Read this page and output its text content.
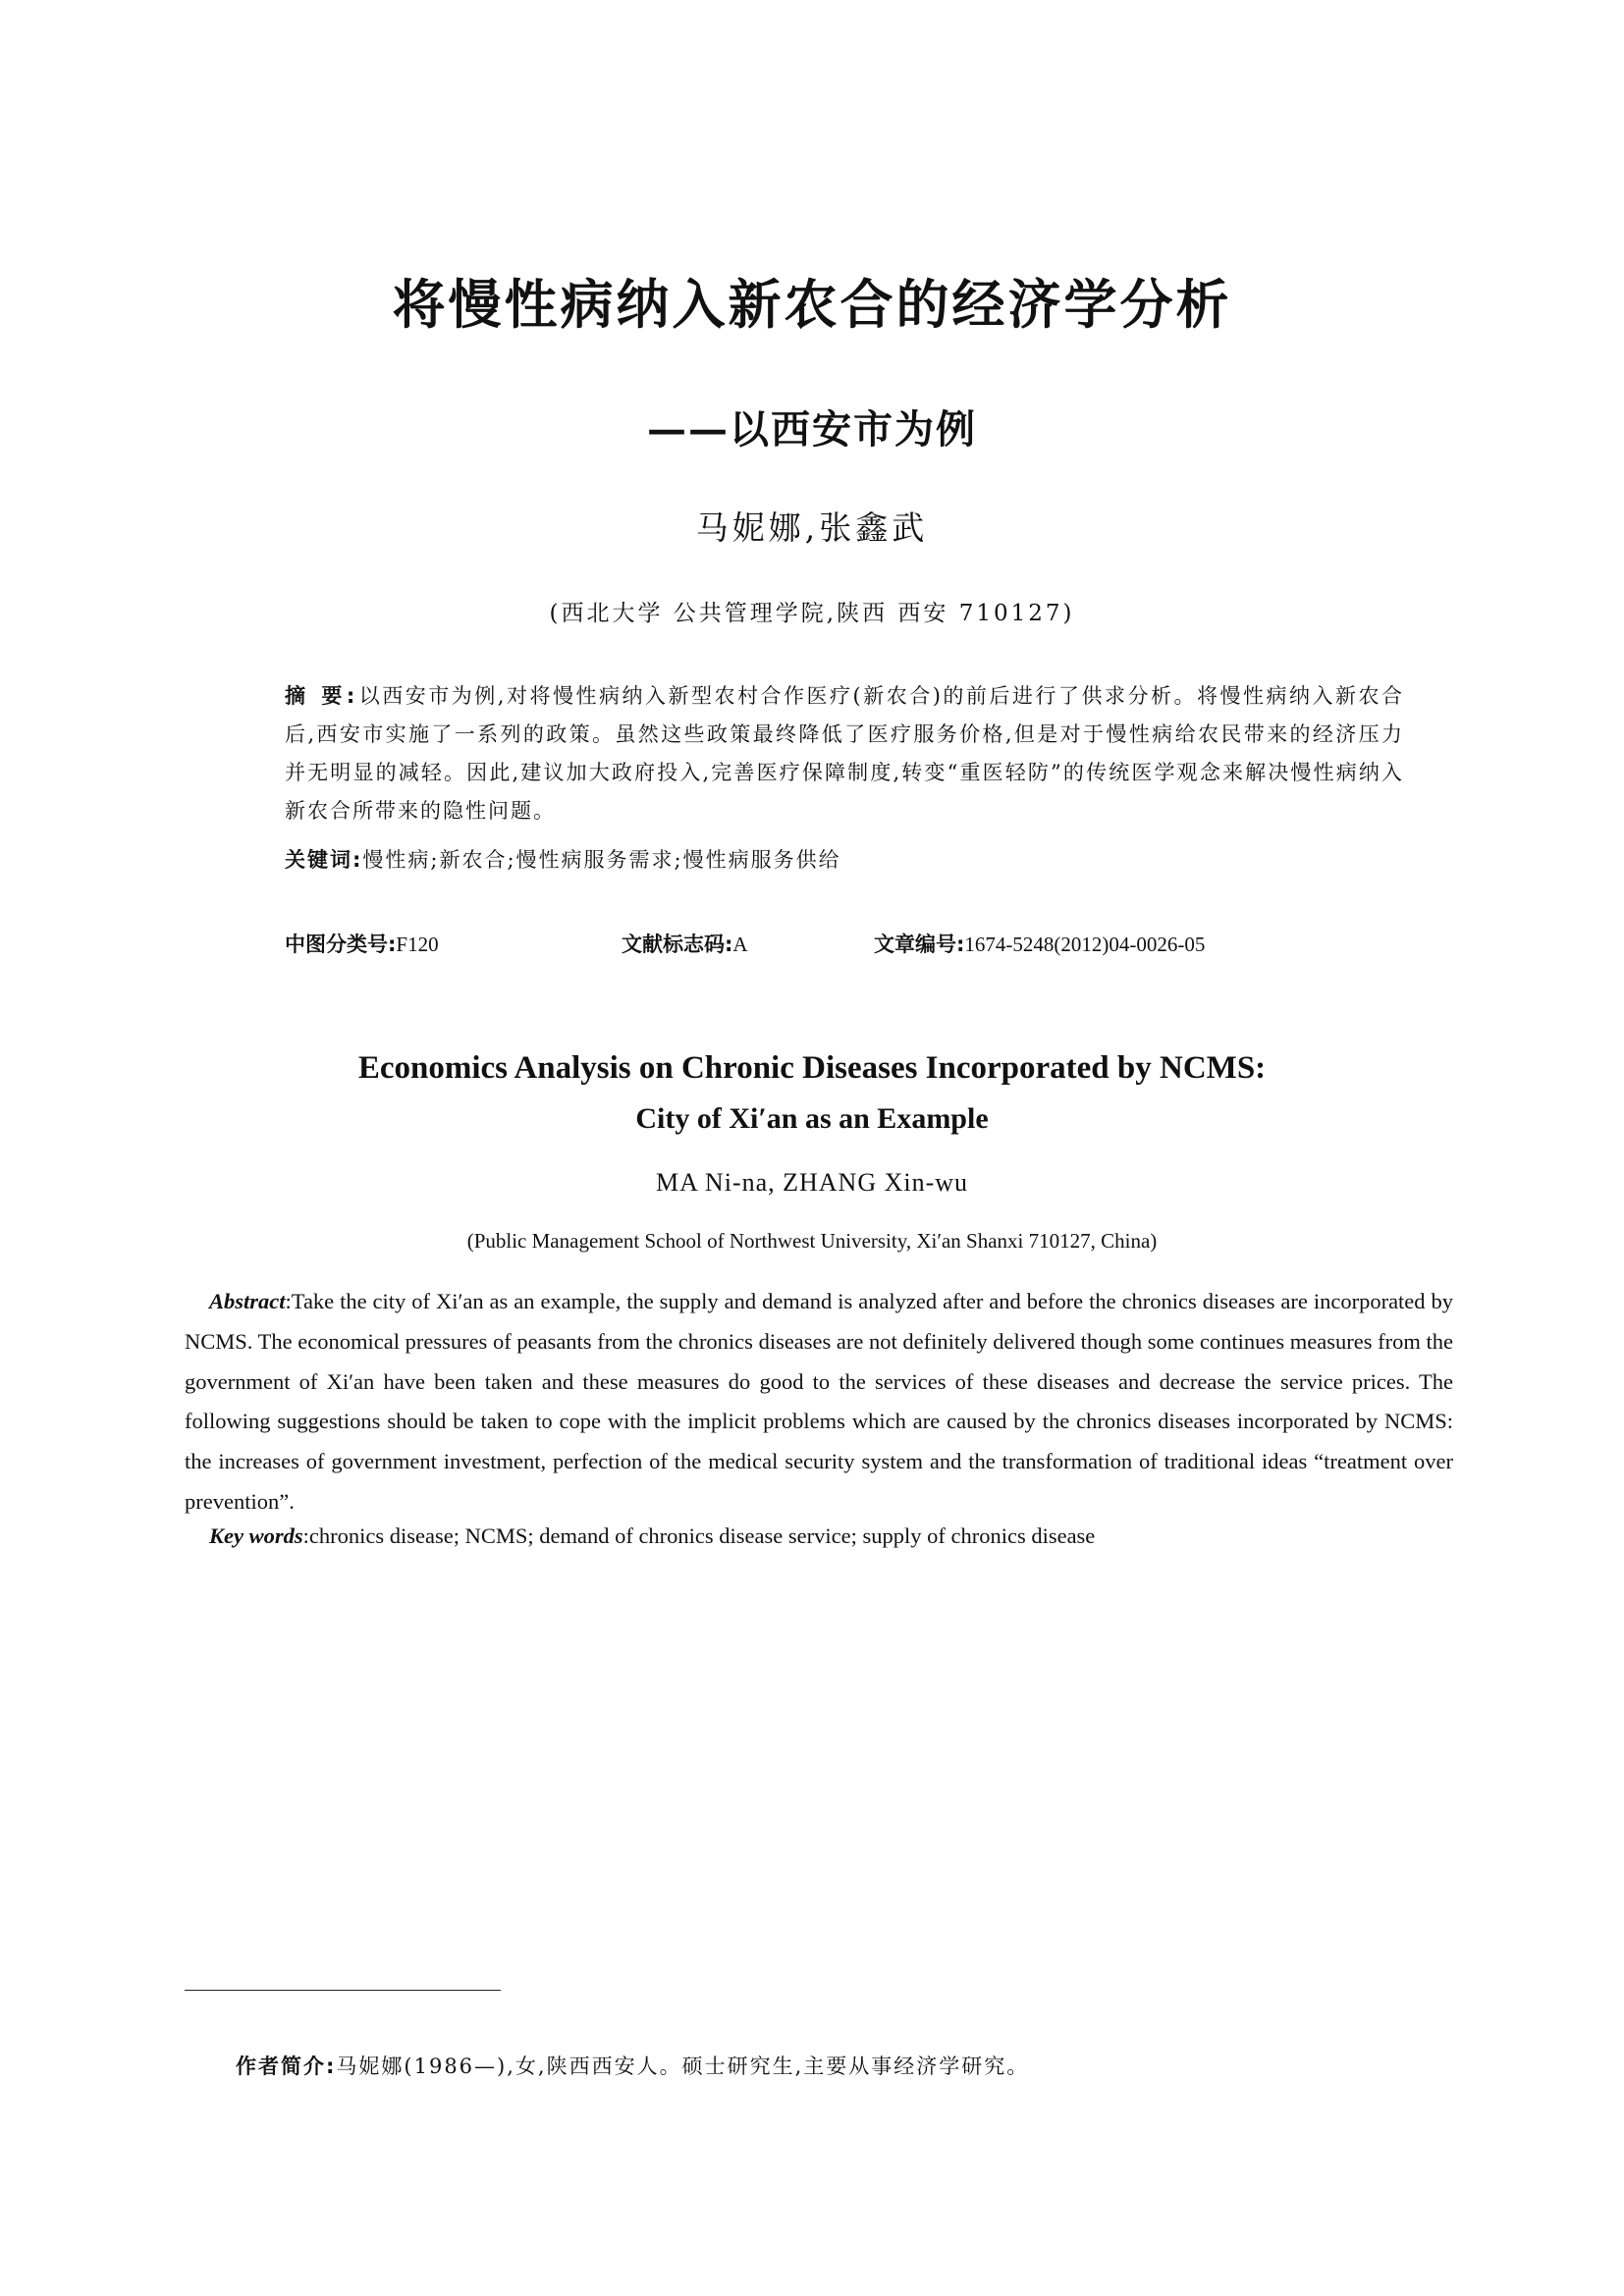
将慢性病纳入新农合的经济学分析
——以西安市为例
马妮娜,张鑫武
(西北大学 公共管理学院,陕西 西安 710127)
摘 要:以西安市为例,对将慢性病纳入新型农村合作医疗(新农合)的前后进行了供求分析。将慢性病纳入新农合后,西安市实施了一系列的政策。虽然这些政策最终降低了医疗服务价格,但是对于慢性病给农民带来的经济压力并无明显的减轻。因此,建议加大政府投入,完善医疗保障制度,转变“重医轻防”的传统医学观念来解决慢性病纳入新农合所带来的隐性问题。
关键词:慢性病;新农合;慢性病服务需求;慢性病服务供给
中图分类号:F120	文献标志码:A	文章编号:1674-5248(2012)04-0026-05
Economics Analysis on Chronic Diseases Incorporated by NCMS:
City of Xi′an as an Example
MA Ni-na, ZHANG Xin-wu
(Public Management School of Northwest University, Xi′an Shanxi 710127, China)
Abstract:Take the city of Xi′an as an example, the supply and demand is analyzed after and before the chronics diseases are incorporated by NCMS. The economical pressures of peasants from the chronics diseases are not definitely delivered though some continues measures from the government of Xi′an have been taken and these measures do good to the services of these diseases and decrease the service prices. The following suggestions should be taken to cope with the implicit problems which are caused by the chronics diseases incorporated by NCMS: the increases of government investment, perfection of the medical security system and the transformation of traditional ideas “treatment over prevention”.
Key words:chronics disease; NCMS; demand of chronics disease service; supply of chronics disease
作者简介:马妮娜(1986—),女,陕西西安人。硕士研究生,主要从事经济学研究。
